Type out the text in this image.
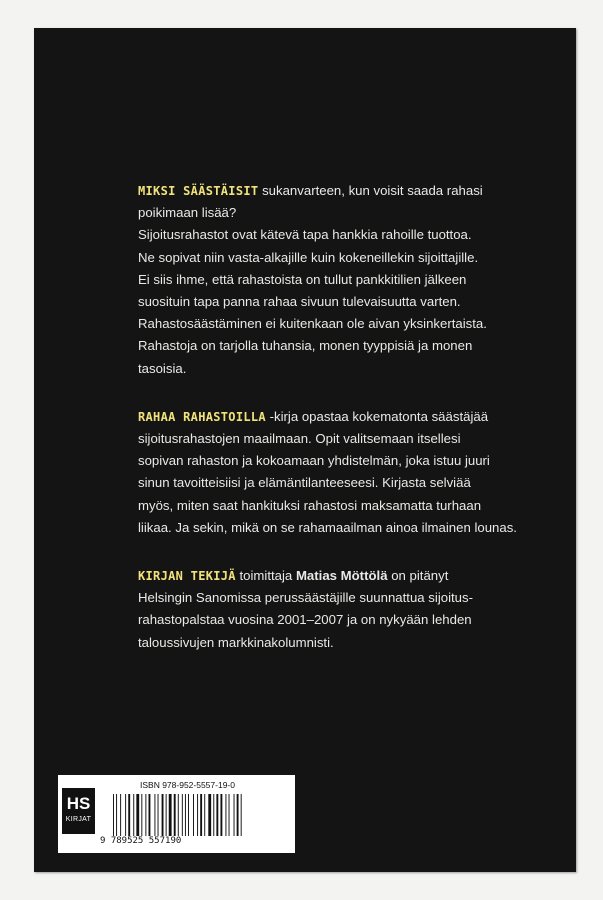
MIKSI SÄÄSTÄISIT sukanvarteen, kun voisit saada rahasi
poikimaan lisää?
Sijoitusrahastot ovat kätevä tapa hankkia rahoille tuottoa.
Ne sopivat niin vasta-alkajille kuin kokeneillekin sijoittajille.
Ei siis ihme, että rahastoista on tullut pankkitilien jälkeen
suosituin tapa panna rahaa sivuun tulevaisuutta varten.
Rahastosäästäminen ei kuitenkaan ole aivan yksinkertaista.
Rahastoja on tarjolla tuhansia, monen tyyppisiä ja monen
tasoisia.
RAHAA RAHASTOILLA -kirja opastaa kokematonta säästäjää
sijoitusrahastojen maailmaan. Opit valitsemaan itsellesi
sopivan rahaston ja kokoamaan yhdistelmän, joka istuu juuri
sinun tavoitteisiisi ja elämäntilanteeseesi. Kirjasta selviää
myös, miten saat hankituksi rahastosi maksamatta turhaan
liikaa. Ja sekin, mikä on se rahamaailman ainoa ilmainen lounas.
KIRJAN TEKIJÄ toimittaja Matias Möttölä on pitänyt
Helsingin Sanomissa perussäästäjille suunnattua sijoitus-
rahastopalstaa vuosina 2001–2007 ja on nykyään lehden
taloussivujen markkinakolumnisti.
HS
KIRJAT
ISBN 978-952-5557-19-0
9 789525 557190
